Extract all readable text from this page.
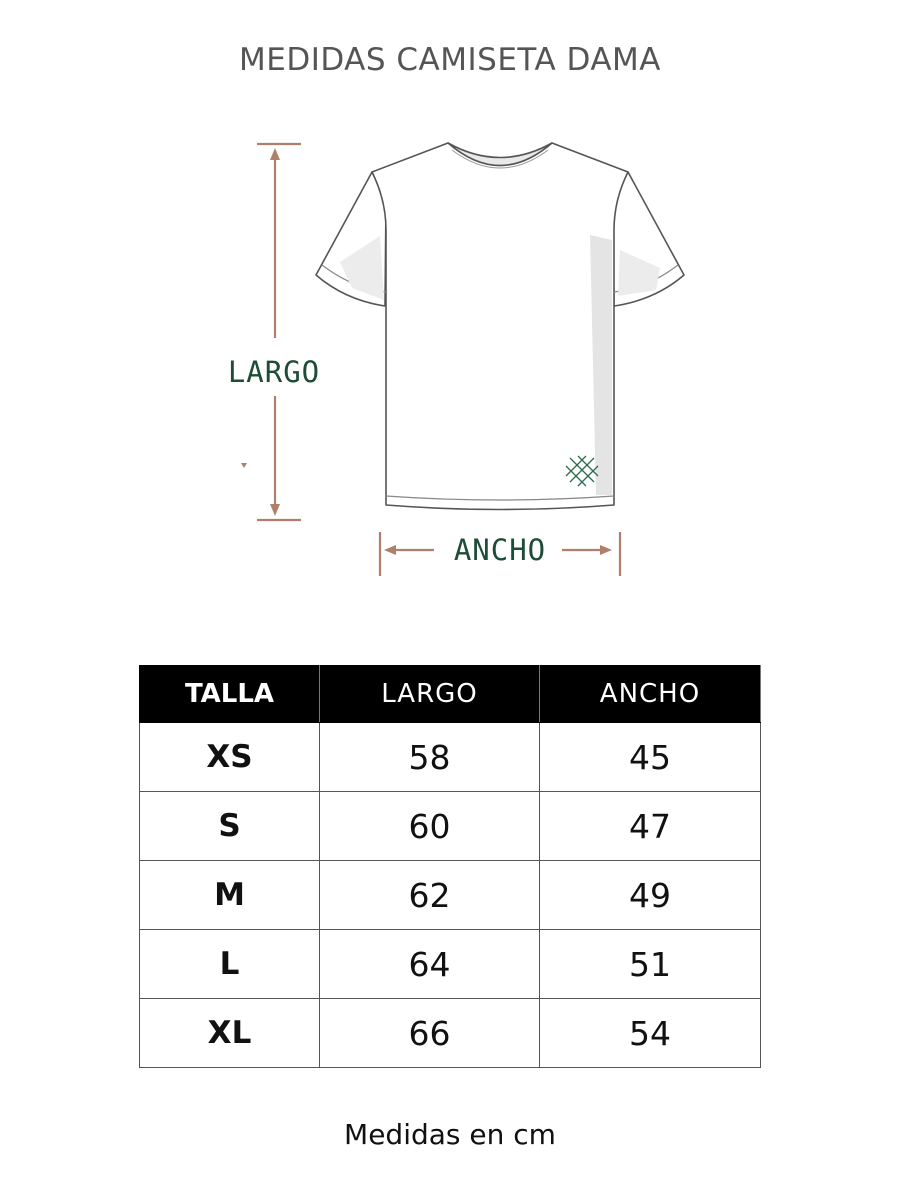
MEDIDAS CAMISETA DAMA
LARGO
ANCHO
TALLA	LARGO	ANCHO
XS	58	45
S	60	47
M	62	49
L	64	51
XL	66	54
Medidas en cm
